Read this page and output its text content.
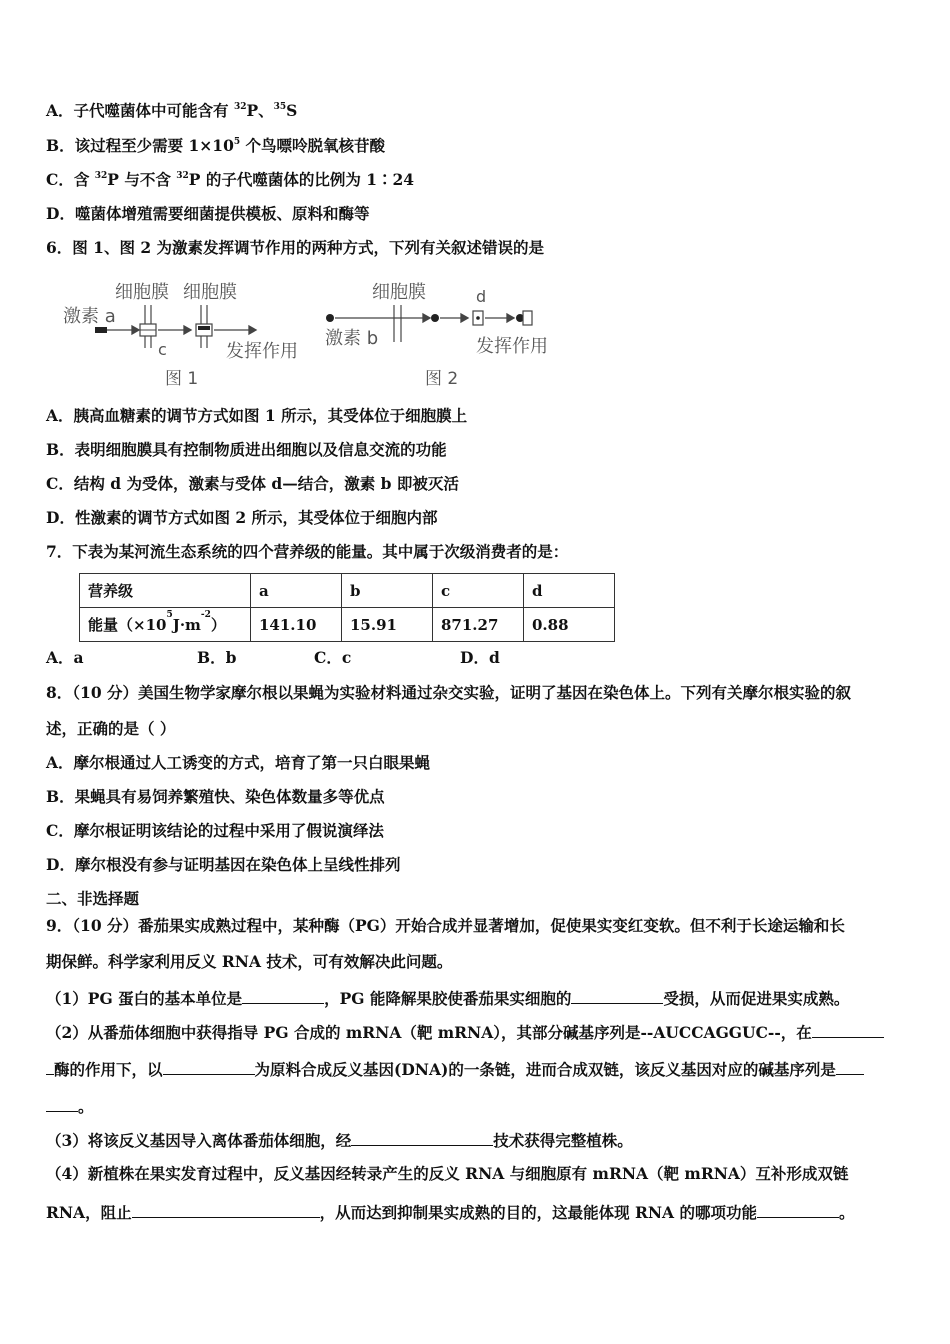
A．子代噬菌体中可能含有 $^{32}$P、$^{35}$S
B．该过程至少需要 $1\times 10^5$ 个鸟嘌呤脱氧核苷酸
C．含 $^{32}$P 与不含 $^{32}$P 的子代噬菌体的比例为 1∶24
D．噬菌体增殖需要细菌提供模板、原料和酶等
6．图 1、图 2 为激素发挥调节作用的两种方式，下列有关叙述错误的是
细胞膜 细胞膜
激素 a
c	发挥作用
图 1
细胞膜	d
激素 b	发挥作用
图 2
A．胰高血糖素的调节方式如图 1 所示，其受体位于细胞膜上
B．表明细胞膜具有控制物质进出细胞以及信息交流的功能
C．结构 d 为受体，激素与受体 d—结合，激素 b 即被灭活
D．性激素的调节方式如图 2 所示，其受体位于细胞内部
7．下表为某河流生态系统的四个营养级的能量。其中属于次级消费者的是：
营养级	a	b	c	d
能量$(\times 10^5J\cdot m^{-2})$	141.10	15.91	871.27	0.88
A．a	B．b	C．c	D．d
8．（10 分）美国生物学家摩尔根以果蝇为实验材料通过杂交实验，证明了基因在染色体上。下列有关摩尔根实验的叙
述，正确的是（ ）
A．摩尔根通过人工诱变的方式，培育了第一只白眼果蝇
B．果蝇具有易饲养繁殖快、染色体数量多等优点
C．摩尔根证明该结论的过程中采用了假说演绎法
D．摩尔根没有参与证明基因在染色体上呈线性排列
二、非选择题
9．（10 分）番茄果实成熟过程中，某种酶（PG）开始合成并显著增加，促使果实变红变软。但不利于长途运输和长
期保鲜。科学家利用反义 RNA 技术，可有效解决此问题。
（1）PG 蛋白的基本单位是	，PG 能降解果胶使番茄果实细胞的	受损，从而促进果实成熟。
（2）从番茄体细胞中获得指导 PG 合成的 mRNA（靶 mRNA），其部分碱基序列是--AUCCAGGUC--，在
酶的作用下，以	为原料合成反义基因(DNA)的一条链，进而合成双链，该反义基因对应的碱基序列是
。
（3）将该反义基因导入离体番茄体细胞，经	技术获得完整植株。
（4）新植株在果实发育过程中，反义基因经转录产生的反义 RNA 与细胞原有 mRNA（靶 mRNA）互补形成双链
RNA，阻止	，从而达到抑制果实成熟的目的，这最能体现 RNA 的哪项功能	。
